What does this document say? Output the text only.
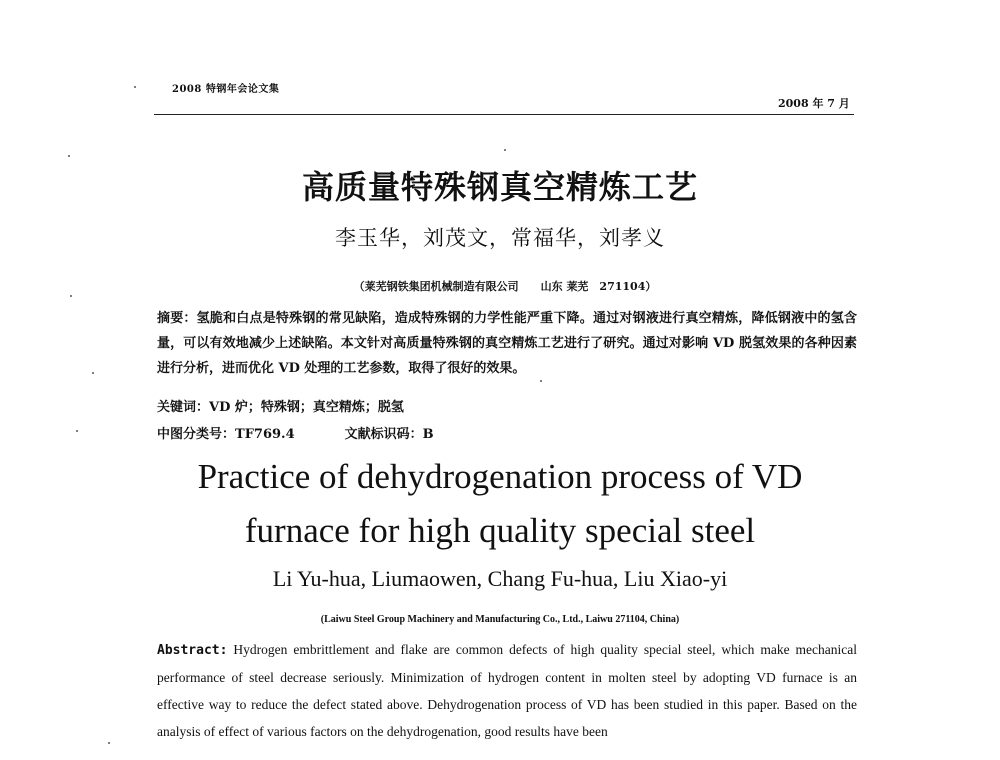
2008 特钢年会论文集
2008 年 7 月
高质量特殊钢真空精炼工艺
李玉华，刘茂文，常福华，刘孝义
（莱芜钢铁集团机械制造有限公司　　山东 莱芜　271104）
摘要：氢脆和白点是特殊钢的常见缺陷，造成特殊钢的力学性能严重下降。通过对钢液进行真空精炼，降低钢液中的氢含量，可以有效地减少上述缺陷。本文针对高质量特殊钢的真空精炼工艺进行了研究。通过对影响 VD 脱氢效果的各种因素进行分析，进而优化 VD 处理的工艺参数，取得了很好的效果。
关键词：VD 炉；特殊钢；真空精炼；脱氢
中图分类号：TF769.4	文献标识码：B
Practice of dehydrogenation process of VD
furnace for high quality special steel
Li Yu-hua, Liumaowen, Chang Fu-hua, Liu Xiao-yi
(Laiwu Steel Group Machinery and Manufacturing Co., Ltd., Laiwu 271104, China)
Abstract: Hydrogen embrittlement and flake are common defects of high quality special steel, which make mechanical performance of steel decrease seriously. Minimization of hydrogen content in molten steel by adopting VD furnace is an effective way to reduce the defect stated above. Dehydrogenation process of VD has been studied in this paper. Based on the analysis of effect of various factors on the dehydrogenation, good results have been
